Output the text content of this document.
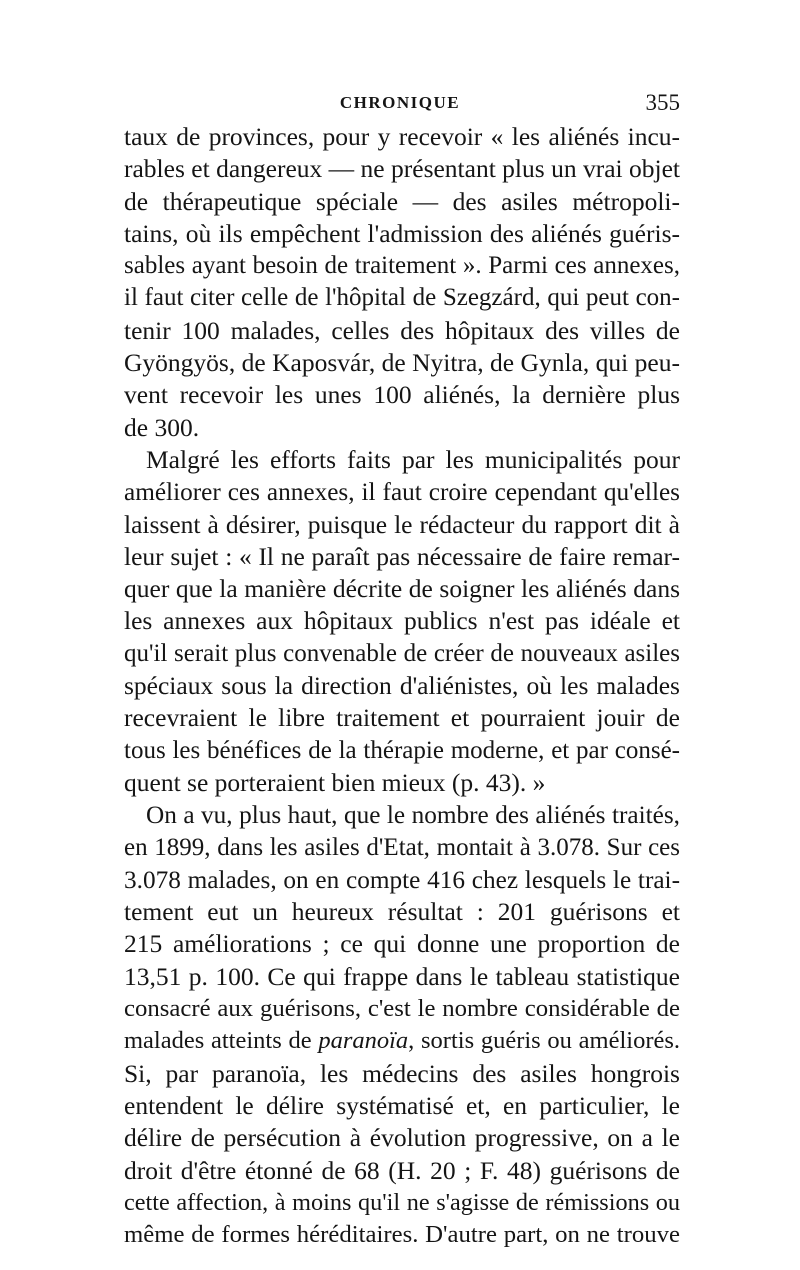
CHRONIQUE	355
taux de provinces, pour y recevoir « les aliénés incu-
rables et dangereux — ne présentant plus un vrai objet
de thérapeutique spéciale — des asiles métropoli-
tains, où ils empêchent l'admission des aliénés guéris-
sables ayant besoin de traitement ». Parmi ces annexes,
il faut citer celle de l'hôpital de Szegzárd, qui peut con-
tenir 100 malades, celles des hôpitaux des villes de
Gyöngyös, de Kaposvár, de Nyitra, de Gynla, qui peu-
vent recevoir les unes 100 aliénés, la dernière plus
de 300.
Malgré les efforts faits par les municipalités pour
améliorer ces annexes, il faut croire cependant qu'elles
laissent à désirer, puisque le rédacteur du rapport dit à
leur sujet : « Il ne paraît pas nécessaire de faire remar-
quer que la manière décrite de soigner les aliénés dans
les annexes aux hôpitaux publics n'est pas idéale et
qu'il serait plus convenable de créer de nouveaux asiles
spéciaux sous la direction d'aliénistes, où les malades
recevraient le libre traitement et pourraient jouir de
tous les bénéfices de la thérapie moderne, et par consé-
quent se porteraient bien mieux (p. 43). »
On a vu, plus haut, que le nombre des aliénés traités,
en 1899, dans les asiles d'Etat, montait à 3.078. Sur ces
3.078 malades, on en compte 416 chez lesquels le trai-
tement eut un heureux résultat : 201 guérisons et
215 améliorations ; ce qui donne une proportion de
13,51 p. 100. Ce qui frappe dans le tableau statistique
consacré aux guérisons, c'est le nombre considérable de
malades atteints de paranoïa, sortis guéris ou améliorés.
Si, par paranoïa, les médecins des asiles hongrois
entendent le délire systématisé et, en particulier, le
délire de persécution à évolution progressive, on a le
droit d'être étonné de 68 (H. 20 ; F. 48) guérisons de
cette affection, à moins qu'il ne s'agisse de rémissions ou
même de formes héréditaires. D'autre part, on ne trouve
